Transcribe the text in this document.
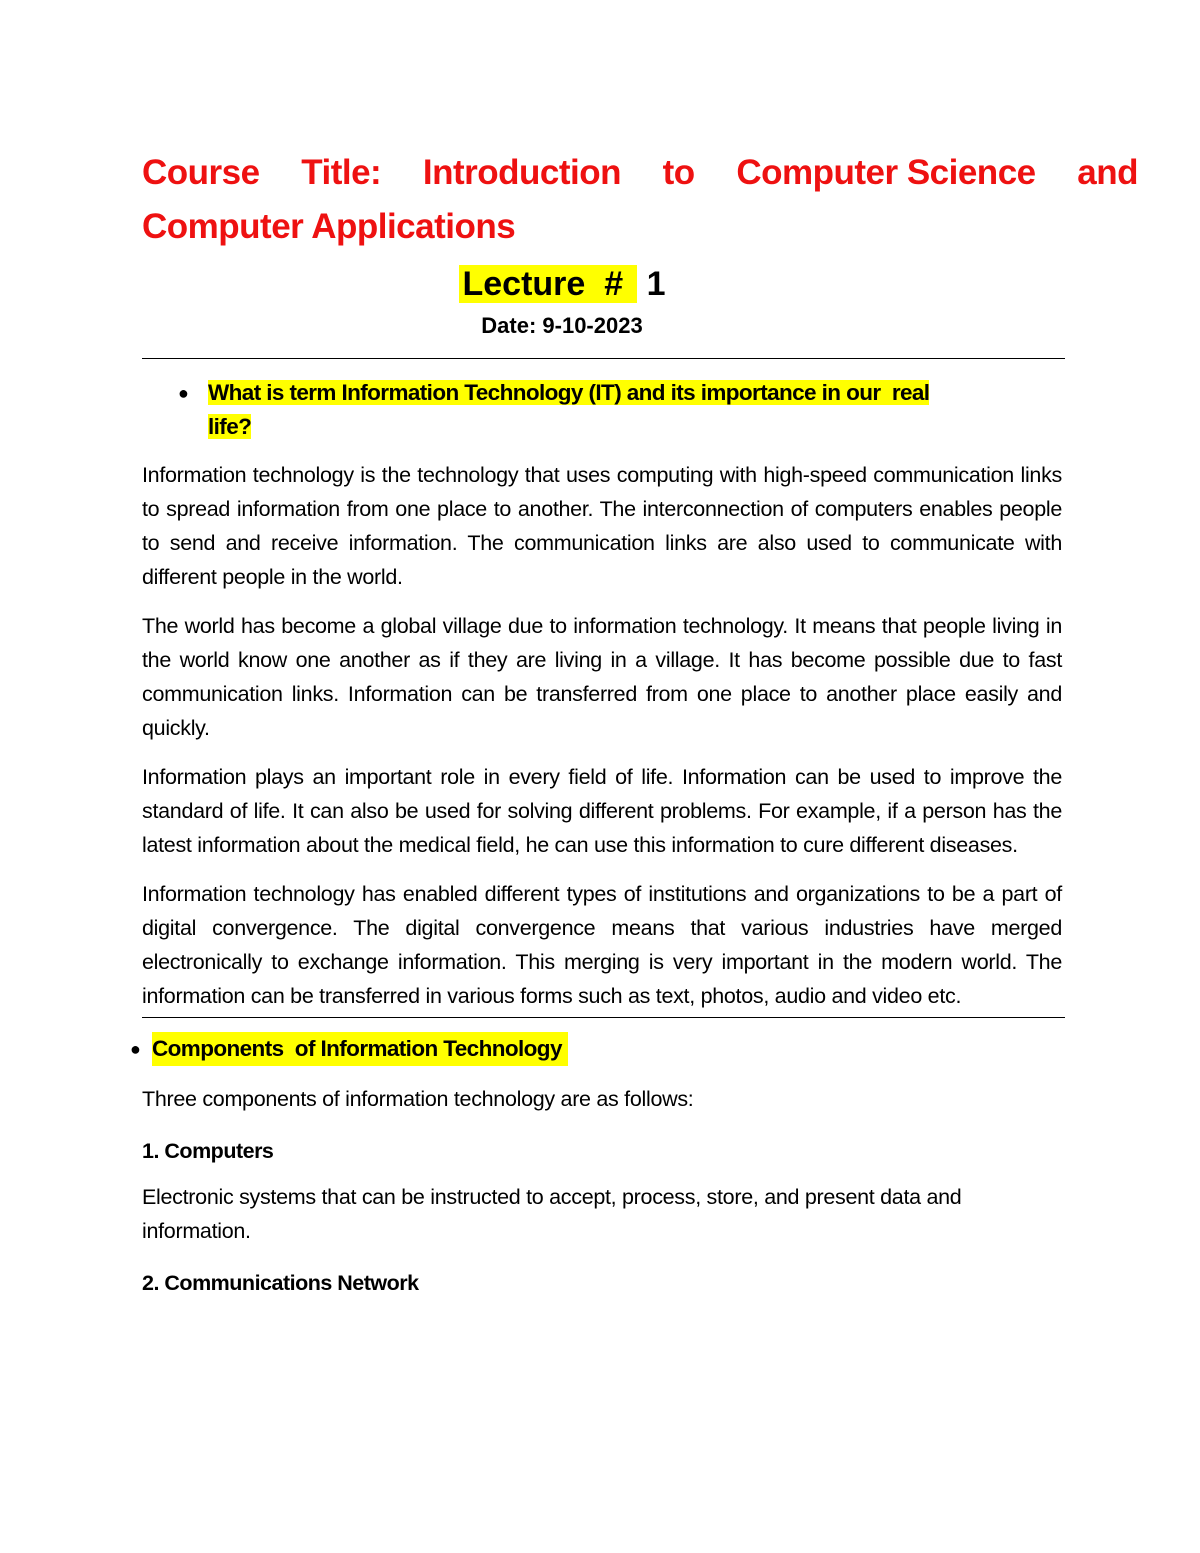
Course Title: Introduction to Computer Science and
Computer Applications
Lecture  # 1
Date: 9-10-2023
● What is term Information Technology (IT) and its importance in our  real
life?

Information technology is the technology that uses computing with high-speed communication links to spread information from one place to another. The interconnection of computers enables people to send and receive information. The communication links are also used to communicate with different people in the world.

The world has become a global village due to information technology. It means that people living in the world know one another as if they are living in a village. It has become possible due to fast communication links. Information can be transferred from one place to another place easily and quickly.

Information plays an important role in every field of life. Information can be used to improve the standard of life. It can also be used for solving different problems. For example, if a person has the latest information about the medical field, he can use this information to cure different diseases.

Information technology has enabled different types of institutions and organizations to be a part of digital convergence. The digital convergence means that various industries have merged electronically to exchange information. This merging is very important in the modern world. The information can be transferred in various forms such as text, photos, audio and video etc.

● Components  of Information Technology

Three components of information technology are as follows:

1. Computers

Electronic systems that can be instructed to accept, process, store, and present data and
information.

2. Communications Network
